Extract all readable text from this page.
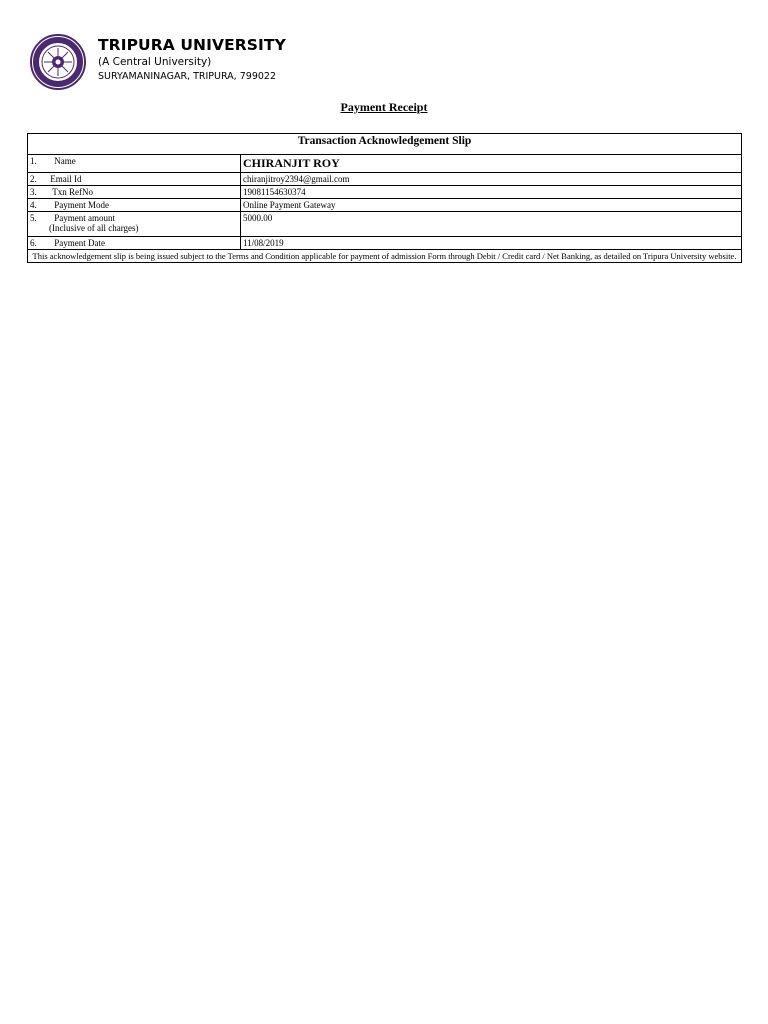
TRIPURA UNIVERSITY
(A Central University)
SURYAMANINAGAR, TRIPURA, 799022
Payment Receipt
Transaction Acknowledgement Slip	
1. Name	CHIRANJIT ROY
2. Email Id	chiranjitroy2394@gmail.com
3. Txn RefNo	19081154630374
4. Payment Mode	Online Payment Gateway
5. Payment amount
(Inclusive of all charges)	5000.00
6. Payment Date	11/08/2019
This acknowledgement slip is being issued subject to the Terms and Condition applicable for payment of admission Form through Debit / Credit card / Net Banking, as detailed on Tripura University website.	
